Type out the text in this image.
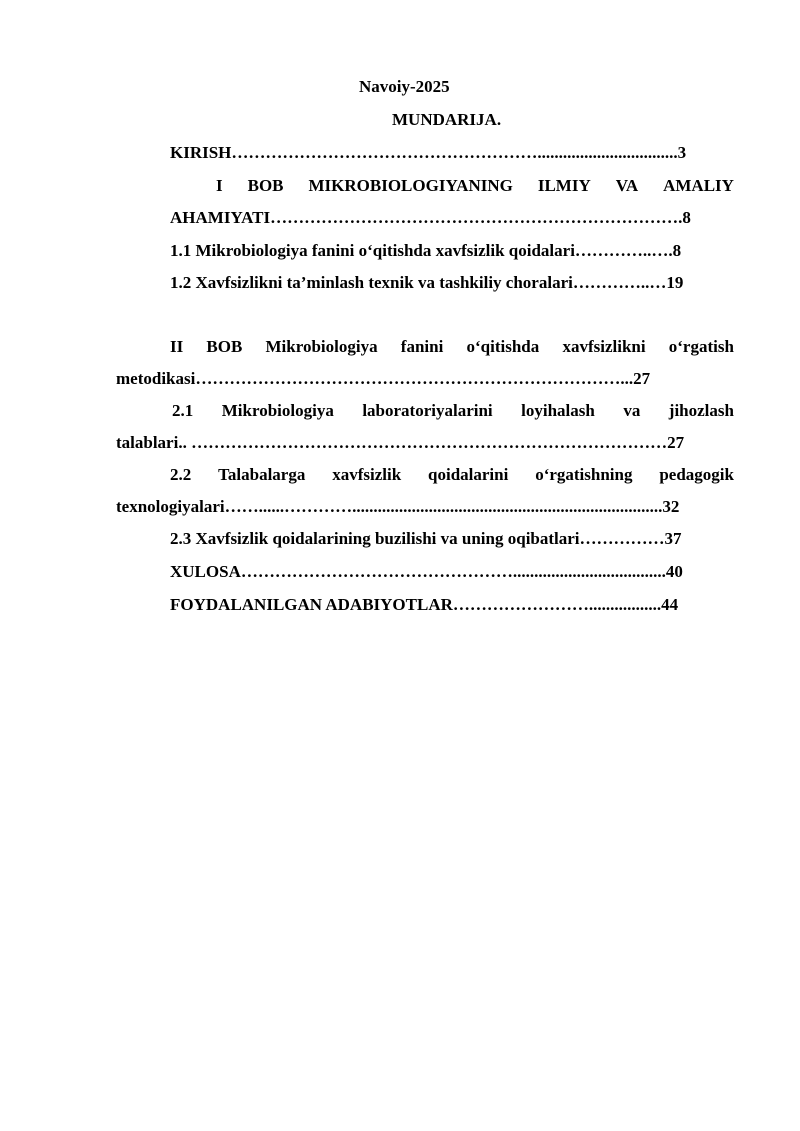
Navoiy-2025
MUNDARIJA.
KIRISH……………………………………………….................................3
I BOB MIKROBIOLOGIYANING ILMIY VA AMALIY
AHAMIYATI……………………………………………………………….8
1.1 Mikrobiologiya fanini o‘qitishda xavfsizlik qoidalari…………..….8
1.2 Xavfsizlikni ta’minlash texnik va tashkiliy choralari…………..…19
II BOB Mikrobiologiya fanini o‘qitishda xavfsizlikni o‘rgatish
metodikasi…………………………………………………………………...27
2.1 Mikrobiologiya laboratoriyalarini loyihalash va jihozlash
talablari.. …………………………………………………………………………27
2.2 Talabalarga xavfsizlik qoidalarini o‘rgatishning pedagogik
texnologiyalari……......………….........................................................................32
2.3 Xavfsizlik qoidalarining buzilishi va uning oqibatlari……………37
XULOSA…………………………………………....................................40
FOYDALANILGAN ADABIYOTLAR…………………….................44
